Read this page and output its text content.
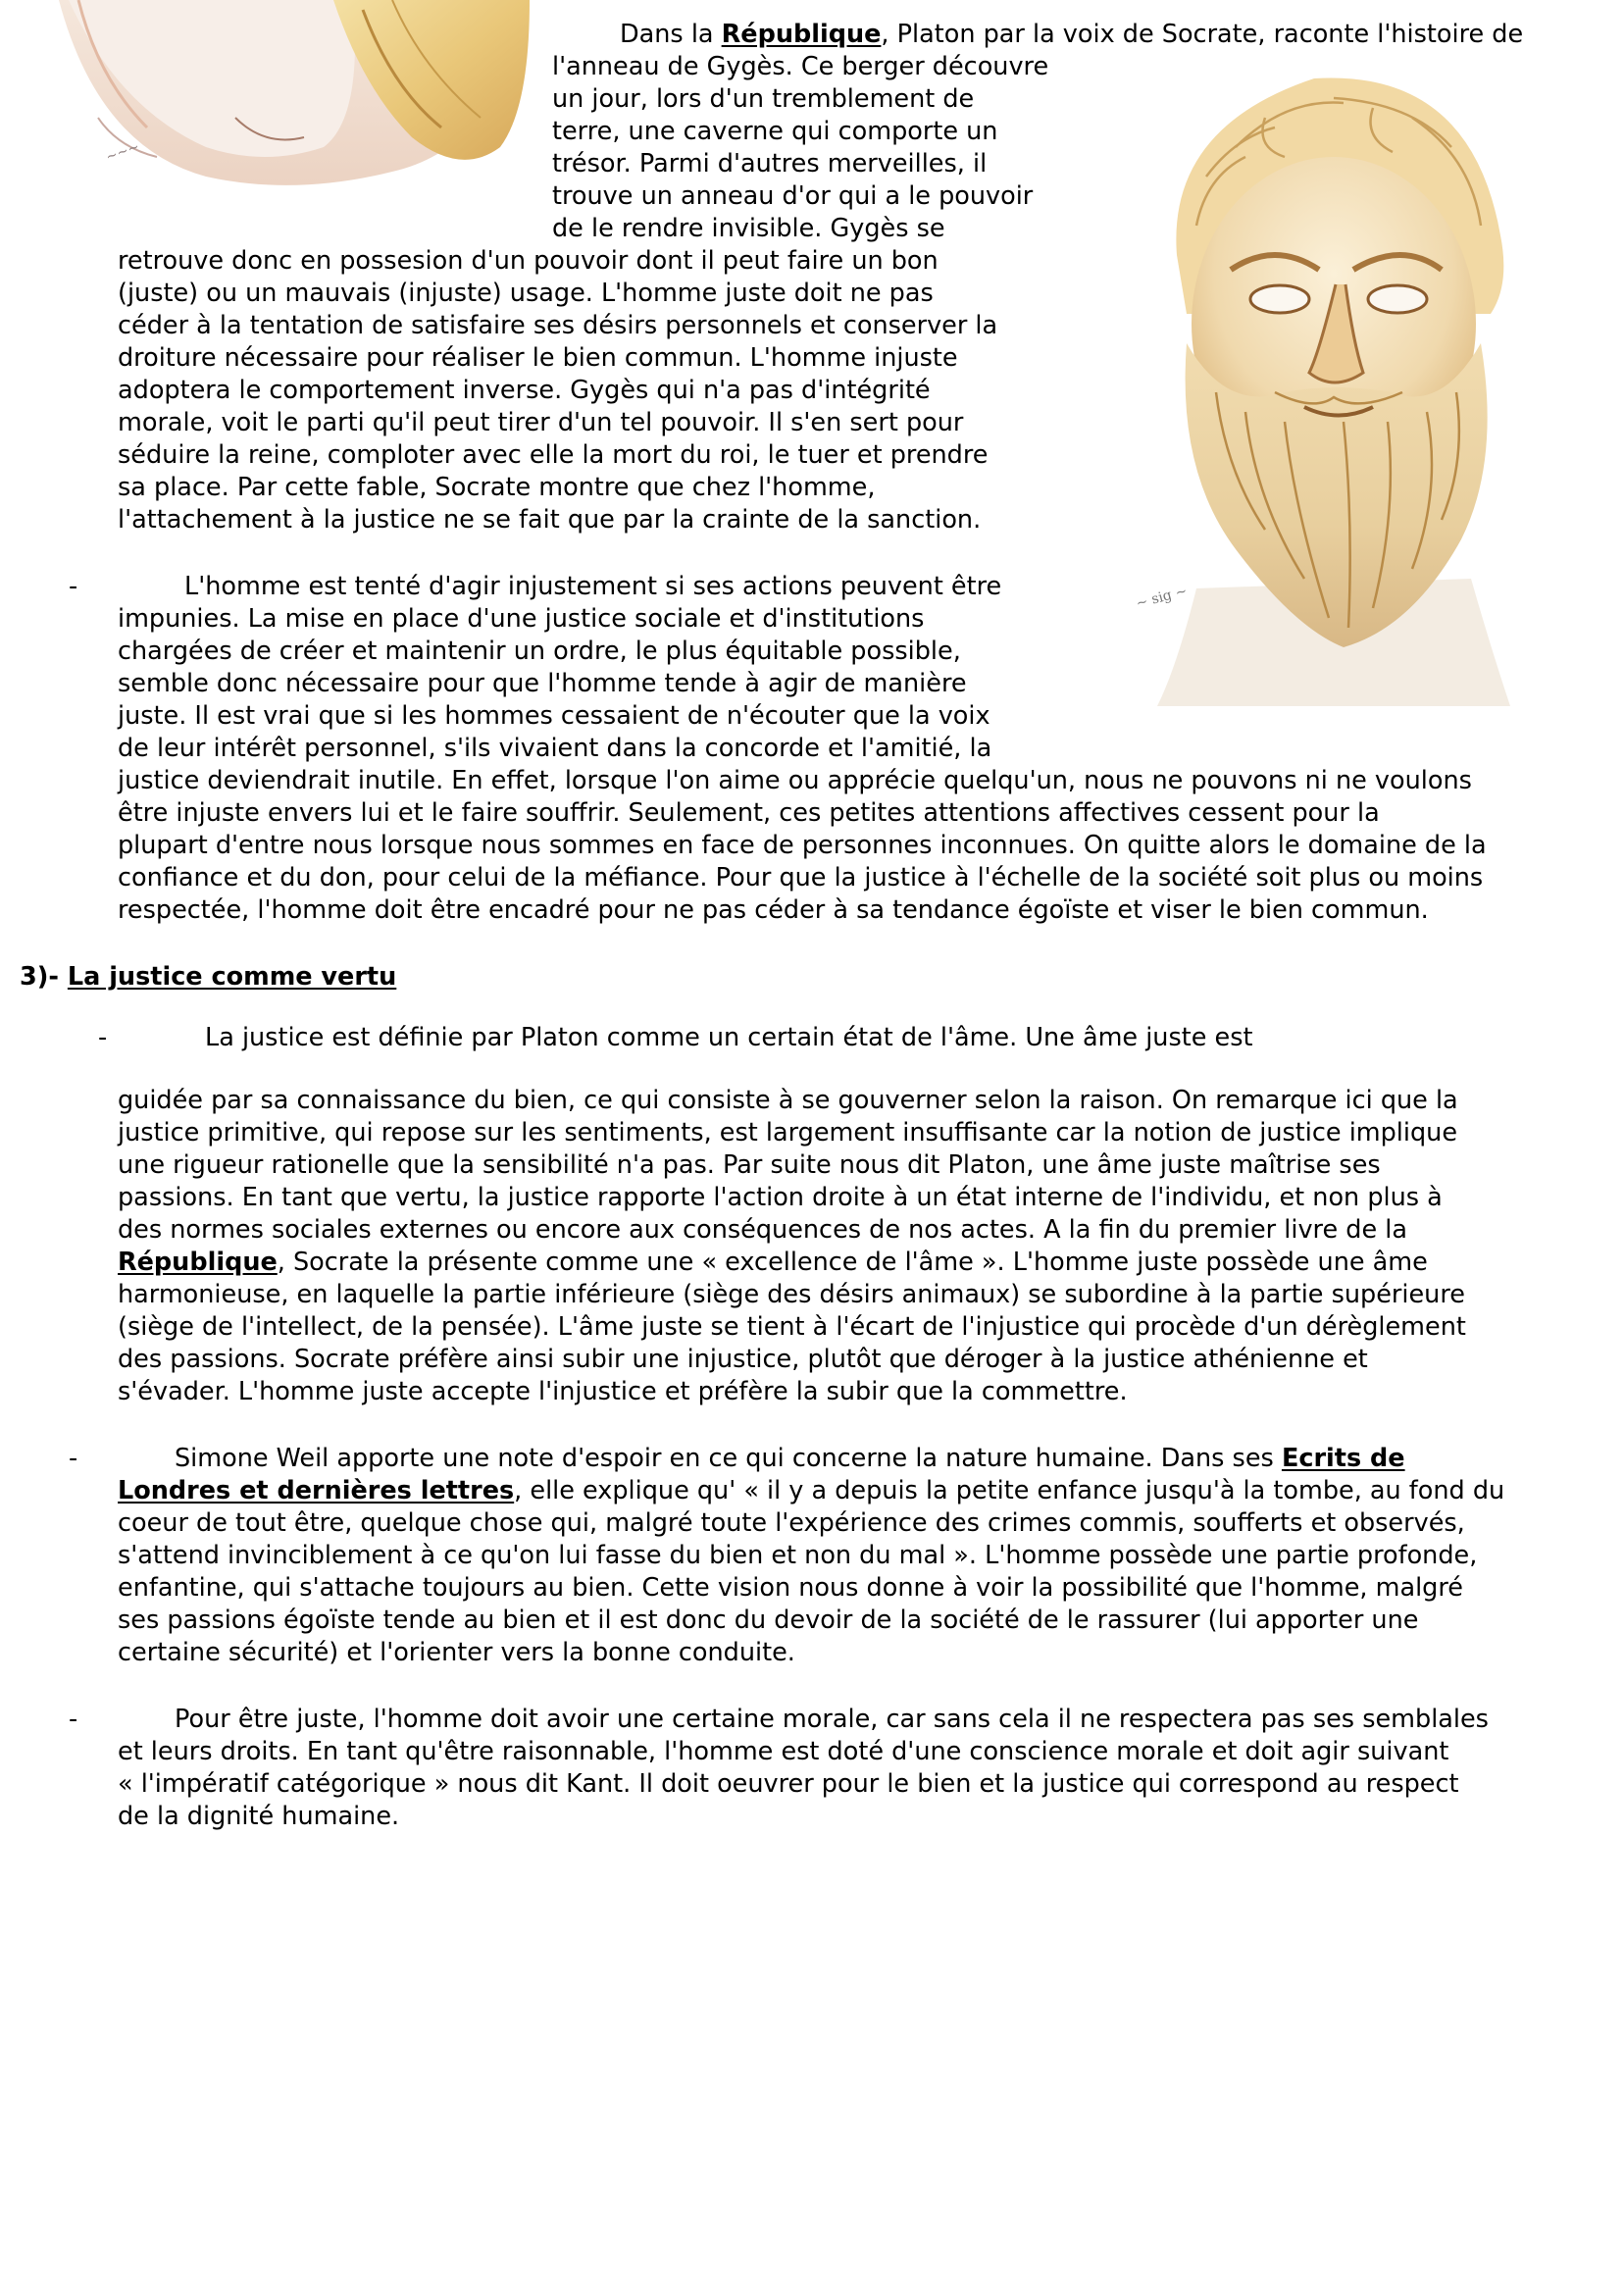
~~~
~ sig ~
Dans la République, Platon par la voix de Socrate, raconte l'histoire de
l'anneau de Gygès. Ce berger découvre
un jour, lors d'un tremblement de
terre, une caverne qui comporte un
trésor. Parmi d'autres merveilles, il
trouve un anneau d'or qui a le pouvoir
de le rendre invisible. Gygès se
retrouve donc en possesion d'un pouvoir dont il peut faire un bon
(juste) ou un mauvais (injuste) usage. L'homme juste doit ne pas
céder à la tentation de satisfaire ses désirs personnels et conserver la
droiture nécessaire pour réaliser le bien commun. L'homme injuste
adoptera le comportement inverse. Gygès qui n'a pas d'intégrité
morale, voit le parti qu'il peut tirer d'un tel pouvoir. Il s'en sert pour
séduire la reine, comploter avec elle la mort du roi, le tuer et prendre
sa place. Par cette fable, Socrate montre que chez l'homme,
l'attachement à la justice ne se fait que par la crainte de la sanction.
-	L'homme est tenté d'agir injustement si ses actions peuvent être
impunies. La mise en place d'une justice sociale et d'institutions
chargées de créer et maintenir un ordre, le plus équitable possible,
semble donc nécessaire pour que l'homme tende à agir de manière
juste. Il est vrai que si les hommes cessaient de n'écouter que la voix
de leur intérêt personnel, s'ils vivaient dans la concorde et l'amitié, la
justice deviendrait inutile. En effet, lorsque l'on aime ou apprécie quelqu'un, nous ne pouvons ni ne voulons
être injuste envers lui et le faire souffrir. Seulement, ces petites attentions affectives cessent pour la
plupart d'entre nous lorsque nous sommes en face de personnes inconnues. On quitte alors le domaine de la
confiance et du don, pour celui de la méfiance. Pour que la justice à l'échelle de la société soit plus ou moins
respectée, l'homme doit être encadré pour ne pas céder à sa tendance égoïste et viser le bien commun.
3)- La justice comme vertu
-	La justice est définie par Platon comme un certain état de l'âme. Une âme juste est
guidée par sa connaissance du bien, ce qui consiste à se gouverner selon la raison. On remarque ici que la
justice primitive, qui repose sur les sentiments, est largement insuffisante car la notion de justice implique
une rigueur rationelle que la sensibilité n'a pas. Par suite nous dit Platon, une âme juste maîtrise ses
passions. En tant que vertu, la justice rapporte l'action droite à un état interne de l'individu, et non plus à
des normes sociales externes ou encore aux conséquences de nos actes. A la fin du premier livre de la
République, Socrate la présente comme une « excellence de l'âme ». L'homme juste possède une âme
harmonieuse, en laquelle la partie inférieure (siège des désirs animaux) se subordine à la partie supérieure
(siège de l'intellect, de la pensée). L'âme juste se tient à l'écart de l'injustice qui procède d'un dérèglement
des passions. Socrate préfère ainsi subir une injustice, plutôt que déroger à la justice athénienne et
s'évader. L'homme juste accepte l'injustice et préfère la subir que la commettre.
-	Simone Weil apporte une note d'espoir en ce qui concerne la nature humaine. Dans ses Ecrits de
Londres et dernières lettres, elle explique qu' « il y a depuis la petite enfance jusqu'à la tombe, au fond du
coeur de tout être, quelque chose qui, malgré toute l'expérience des crimes commis, soufferts et observés,
s'attend invinciblement à ce qu'on lui fasse du bien et non du mal ». L'homme possède une partie profonde,
enfantine, qui s'attache toujours au bien. Cette vision nous donne à voir la possibilité que l'homme, malgré
ses passions égoïste tende au bien et il est donc du devoir de la société de le rassurer (lui apporter une
certaine sécurité) et l'orienter vers la bonne conduite.
-	Pour être juste, l'homme doit avoir une certaine morale, car sans cela il ne respectera pas ses semblales
et leurs droits. En tant qu'être raisonnable, l'homme est doté d'une conscience morale et doit agir suivant
« l'impératif catégorique » nous dit Kant. Il doit oeuvrer pour le bien et la justice qui correspond au respect
de la dignité humaine.
